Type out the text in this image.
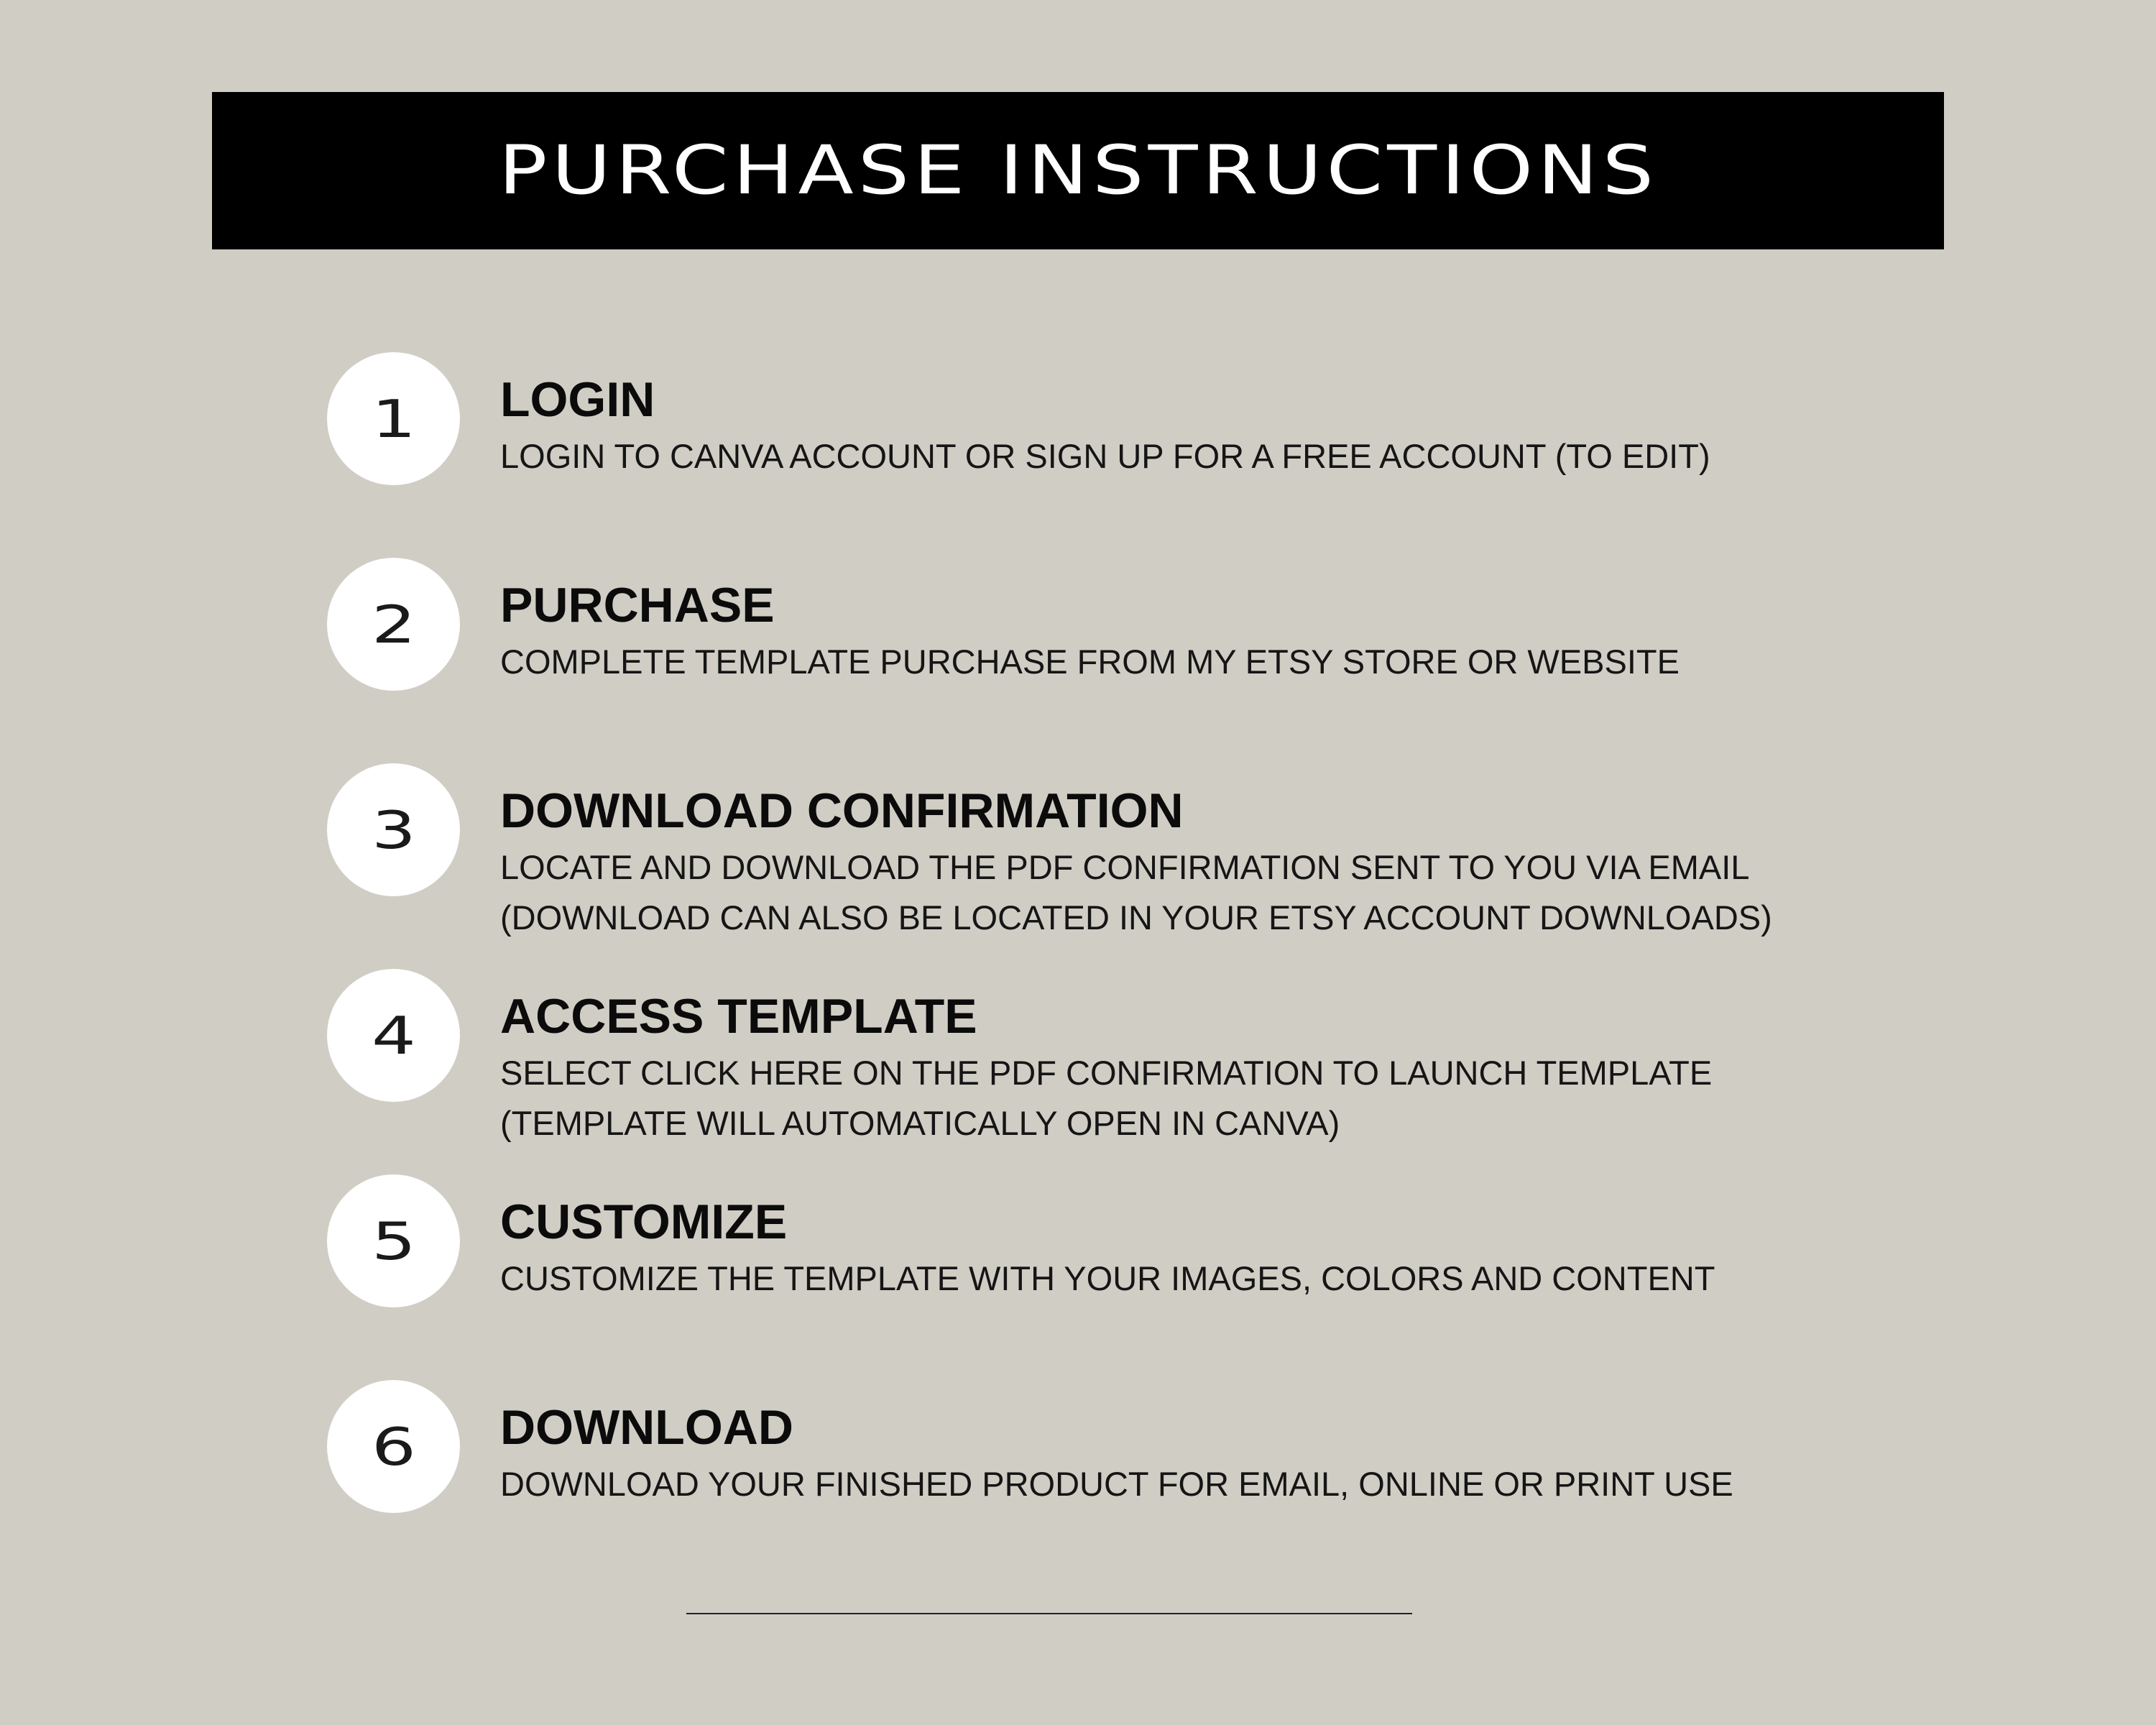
PURCHASE INSTRUCTIONS
1 LOGIN
LOGIN TO CANVA ACCOUNT OR SIGN UP FOR A FREE ACCOUNT (TO EDIT)
2 PURCHASE
COMPLETE TEMPLATE PURCHASE FROM MY ETSY STORE OR WEBSITE
3 DOWNLOAD CONFIRMATION
LOCATE AND DOWNLOAD THE PDF CONFIRMATION SENT TO YOU VIA EMAIL
(DOWNLOAD CAN ALSO BE LOCATED IN YOUR ETSY ACCOUNT DOWNLOADS)
4 ACCESS TEMPLATE
SELECT CLICK HERE ON THE PDF CONFIRMATION TO LAUNCH TEMPLATE
(TEMPLATE WILL AUTOMATICALLY OPEN IN CANVA)
5 CUSTOMIZE
CUSTOMIZE THE TEMPLATE WITH YOUR IMAGES, COLORS AND CONTENT
6 DOWNLOAD
DOWNLOAD YOUR FINISHED PRODUCT FOR EMAIL, ONLINE OR PRINT USE
